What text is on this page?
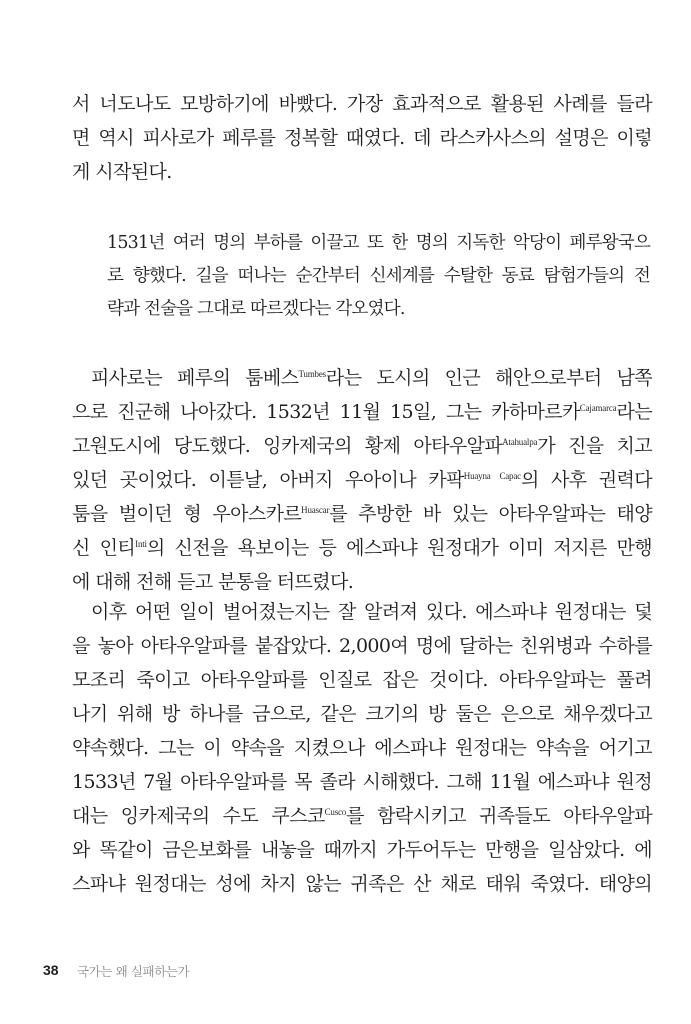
서 너도나도 모방하기에 바빴다. 가장 효과적으로 활용된 사례를 들라
면 역시 피사로가 페루를 정복할 때였다. 데 라스카사스의 설명은 이렇
게 시작된다.
1531년 여러 명의 부하를 이끌고 또 한 명의 지독한 악당이 페루왕국으
로 향했다. 길을 떠나는 순간부터 신세계를 수탈한 동료 탐험가들의 전
략과 전술을 그대로 따르겠다는 각오였다.
피사로는 페루의 툼베스$^{Tumbes}$라는 도시의 인근 해안으로부터 남쪽
으로 진군해 나아갔다. 1532년 11월 15일, 그는 카하마르카$^{Cajamarca}$라는
고원도시에 당도했다. 잉카제국의 황제 아타우알파$^{Atahualpa}$가 진을 치고
있던 곳이었다. 이튿날, 아버지 우아이나 카팍$^{Huayna Capac}$의 사후 권력다
툼을 벌이던 형 우아스카르$^{Huascar}$를 추방한 바 있는 아타우알파는 태양
신 인티$^{Inti}$의 신전을 욕보이는 등 에스파냐 원정대가 이미 저지른 만행
에 대해 전해 듣고 분통을 터뜨렸다.
이후 어떤 일이 벌어졌는지는 잘 알려져 있다. 에스파냐 원정대는 덫
을 놓아 아타우알파를 붙잡았다. 2,000여 명에 달하는 친위병과 수하를
모조리 죽이고 아타우알파를 인질로 잡은 것이다. 아타우알파는 풀려
나기 위해 방 하나를 금으로, 같은 크기의 방 둘은 은으로 채우겠다고
약속했다. 그는 이 약속을 지켰으나 에스파냐 원정대는 약속을 어기고
1533년 7월 아타우알파를 목 졸라 시해했다. 그해 11월 에스파냐 원정
대는 잉카제국의 수도 쿠스코$^{Cusco}$를 함락시키고 귀족들도 아타우알파
와 똑같이 금은보화를 내놓을 때까지 가두어두는 만행을 일삼았다. 에
스파냐 원정대는 성에 차지 않는 귀족은 산 채로 태워 죽였다. 태양의
38 국가는 왜 실패하는가
